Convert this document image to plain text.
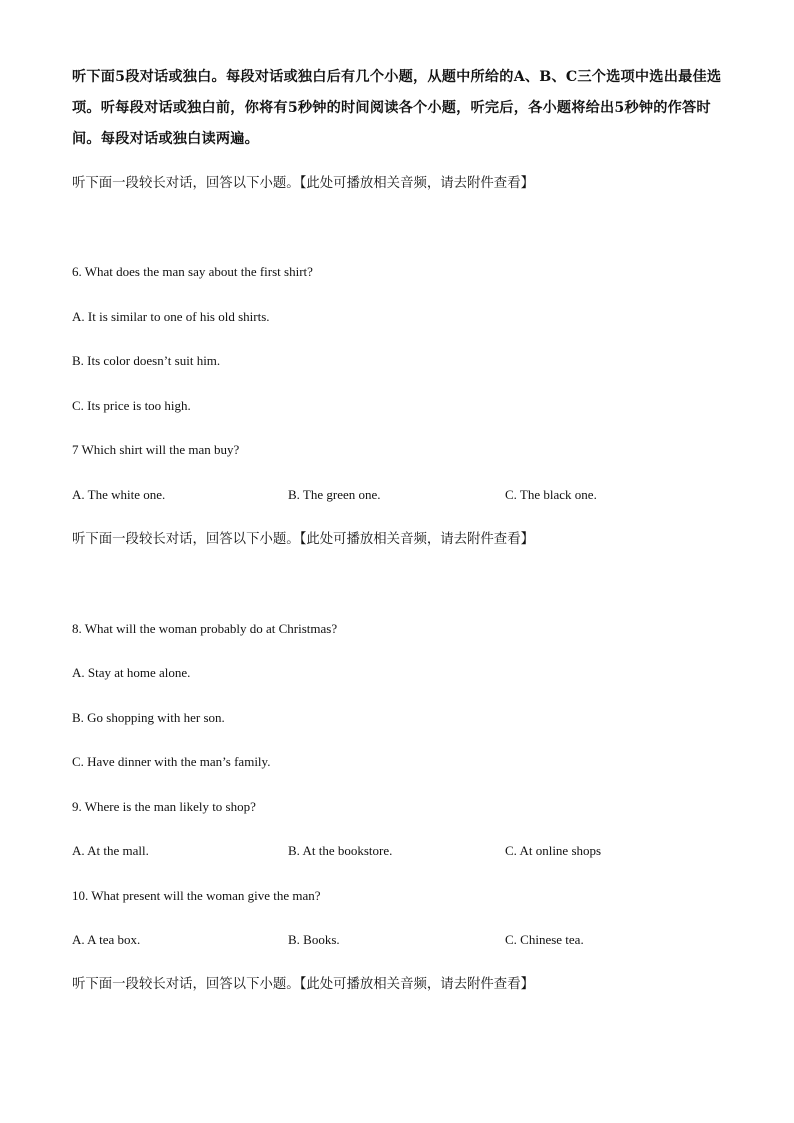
听下面5段对话或独白。每段对话或独白后有几个小题，从题中所给的A、B、C三个选项中选出最佳选项。听每段对话或独白前，你将有5秒钟的时间阅读各个小题，听完后，各小题将给出5秒钟的作答时间。每段对话或独白读两遍。
听下面一段较长对话，回答以下小题。【此处可播放相关音频，请去附件查看】
6. What does the man say about the first shirt?
A. It is similar to one of his old shirts.
B. Its color doesn’t suit him.
C. Its price is too high.
7 Which shirt will the man buy?
A. The white one.	B. The green one.	C. The black one.
听下面一段较长对话，回答以下小题。【此处可播放相关音频，请去附件查看】
8. What will the woman probably do at Christmas?
A. Stay at home alone.
B. Go shopping with her son.
C. Have dinner with the man’s family.
9. Where is the man likely to shop?
A. At the mall.	B. At the bookstore.	C. At online shops
10. What present will the woman give the man?
A. A tea box.	B. Books.	C. Chinese tea.
听下面一段较长对话，回答以下小题。【此处可播放相关音频，请去附件查看】
